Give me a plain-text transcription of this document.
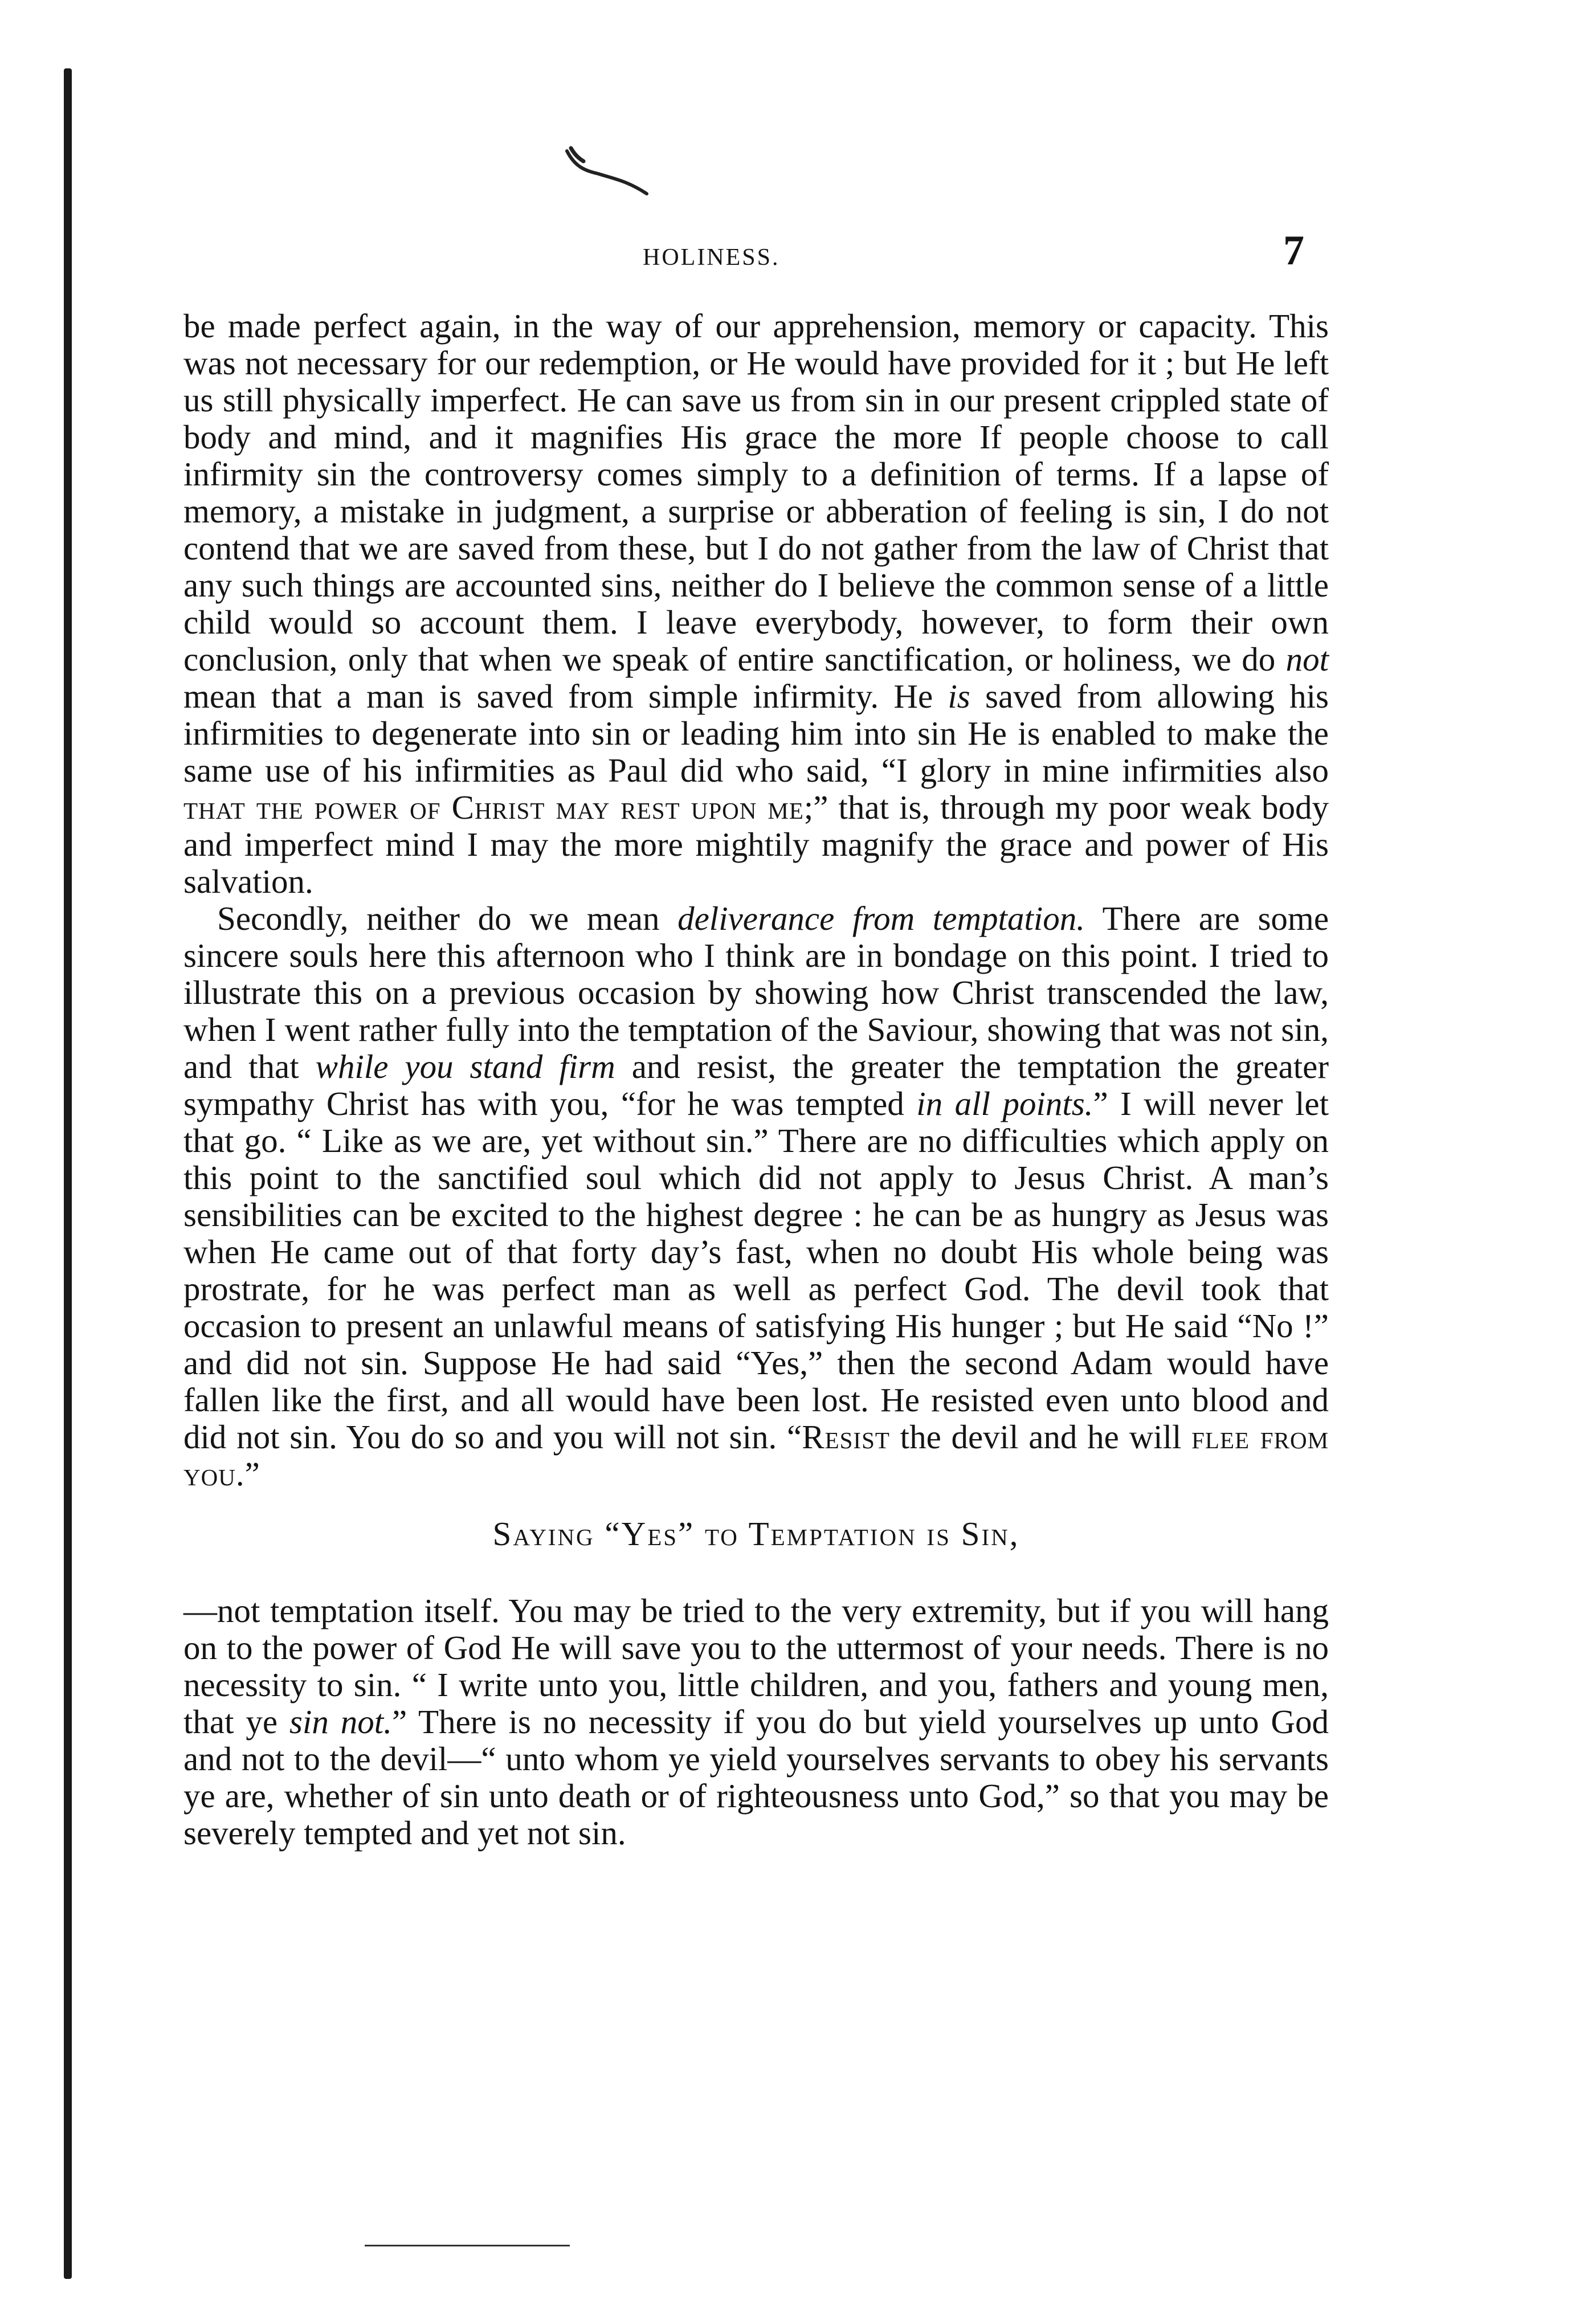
HOLINESS.	7

be made perfect again, in the way of our apprehension, memory or capacity. This was not necessary for our redemption, or He would have provided for it ; but He left us still physically imperfect. He can save us from sin in our present crippled state of body and mind, and it magnifies His grace the more If people choose to call infirmity sin the controversy comes simply to a definition of terms. If a lapse of memory, a mistake in judgment, a surprise or abberation of feeling is sin, I do not contend that we are saved from these, but I do not gather from the law of Christ that any such things are accounted sins, neither do I believe the common sense of a little child would so account them. I leave everybody, however, to form their own conclusion, only that when we speak of entire sanctification, or holiness, we do not mean that a man is saved from simple infirmity. He is saved from allowing his infirmities to degenerate into sin or leading him into sin He is enabled to make the same use of his infirmities as Paul did who said, “I glory in mine infirmities also that the power of Christ may rest upon me;” that is, through my poor weak body and imperfect mind I may the more mightily magnify the grace and power of His salvation.

 Secondly, neither do we mean deliverance from temptation. There are some sincere souls here this afternoon who I think are in bondage on this point. I tried to illustrate this on a previous occasion by showing how Christ transcended the law, when I went rather fully into the temptation of the Saviour, showing that was not sin, and that while you stand firm and resist, the greater the temptation the greater sympathy Christ has with you, “for he was tempted in all points.” I will never let that go. “ Like as we are, yet without sin.” There are no difficulties which apply on this point to the sanctified soul which did not apply to Jesus Christ. A man’s sensibilities can be excited to the highest degree : he can be as hungry as Jesus was when He came out of that forty day’s fast, when no doubt His whole being was prostrate, for he was perfect man as well as perfect God. The devil took that occasion to present an unlawful means of satisfying His hunger ; but He said “No !” and did not sin. Suppose He had said “Yes,” then the second Adam would have fallen like the first, and all would have been lost. He resisted even unto blood and did not sin. You do so and you will not sin. “Resist the devil and he will flee from you.”

Saying “Yes” to Temptation is Sin,

—not temptation itself. You may be tried to the very extremity, but if you will hang on to the power of God He will save you to the uttermost of your needs. There is no necessity to sin. “ I write unto you, little children, and you, fathers and young men, that ye sin not.” There is no necessity if you do but yield yourselves up unto God and not to the devil—“ unto whom ye yield yourselves servants to obey his servants ye are, whether of sin unto death or of righteousness unto God,” so that you may be severely tempted and yet not sin.
